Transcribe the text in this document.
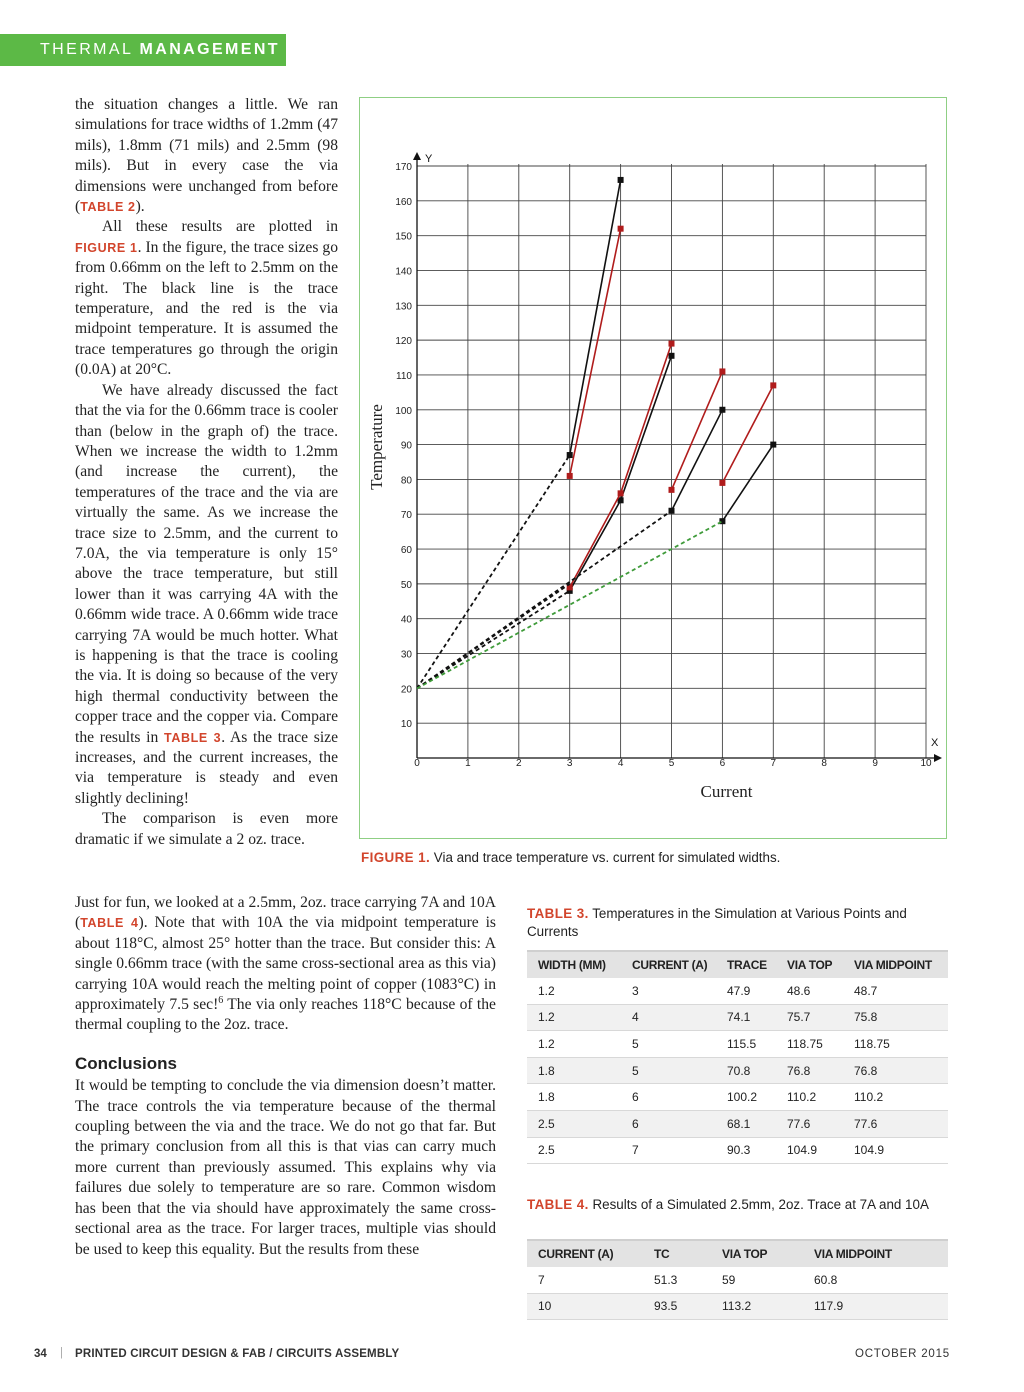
THERMAL MANAGEMENT

the situation changes a little. We ran simulations for trace widths of 1.2mm (47 mils), 1.8mm (71 mils) and 2.5mm (98 mils). But in every case the via dimensions were unchanged from before (TABLE 2).

All these results are plotted in FIGURE 1. In the figure, the trace sizes go from 0.66mm on the left to 2.5mm on the right. The black line is the trace temperature, and the red is the via midpoint temperature. It is assumed the trace temperatures go through the origin (0.0A) at 20°C.

We have already discussed the fact that the via for the 0.66mm trace is cooler than (below in the graph of) the trace. When we increase the width to 1.2mm (and increase the current), the temperatures of the trace and the via are virtually the same. As we increase the trace size to 2.5mm, and the current to 7.0A, the via temperature is only 15° above the trace temperature, but still lower than it was carrying 4A with the 0.66mm wide trace. A 0.66mm wide trace carrying 7A would be much hotter. What is happening is that the trace is cooling the via. It is doing so because of the very high thermal conductivity between the copper trace and the copper via. Compare the results in TABLE 3. As the trace size increases, and the current increases, the via temperature is steady and even slightly declining!

The comparison is even more dramatic if we simulate a 2 oz. trace.

Just for fun, we looked at a 2.5mm, 2oz. trace carrying 7A and 10A (TABLE 4). Note that with 10A the via midpoint temperature is about 118°C, almost 25° hotter than the trace. But consider this: A single 0.66mm trace (with the same cross-sectional area as this via) carrying 10A would reach the melting point of copper (1083°C) in approximately 7.5 sec!$^6$ The via only reaches 118°C because of the thermal coupling to the 2oz. trace.

Conclusions

It would be tempting to conclude the via dimension doesn’t matter. The trace controls the via temperature because of the thermal coupling between the via and the trace. We do not go that far. But the primary conclusion from all this is that vias can carry much more current than previously assumed. This explains why via failures due solely to temperature are so rare. Common wisdom has been that the via should have approximately the same cross-sectional area as the trace. For larger traces, multiple vias should be used to keep this equality. But the results from these

Y
X
10
20
30
40
50
60
70
80
90
100
110
120
130
140
150
160
170
0	1	2	3	4	5	6	7	8	9	10
Current
Temperature
FIGURE 1. Via and trace temperature vs. current for simulated widths.
TABLE 3. Temperatures in the Simulation at Various Points and Currents
WIDTH (MM)	CURRENT (A)	TRACE	VIA TOP	VIA MIDPOINT
1.2	3	47.9	48.6	48.7
1.2	4	74.1	75.7	75.8
1.2	5	115.5	118.75	118.75
1.8	5	70.8	76.8	76.8
1.8	6	100.2	110.2	110.2
2.5	6	68.1	77.6	77.6
2.5	7	90.3	104.9	104.9
TABLE 4. Results of a Simulated 2.5mm, 2oz. Trace at 7A and 10A
CURRENT (A)	TC	VIA TOP	VIA MIDPOINT
7	51.3	59	60.8
10	93.5	113.2	117.9
34 | PRINTED CIRCUIT DESIGN & FAB / CIRCUITS ASSEMBLY	OCTOBER 2015
